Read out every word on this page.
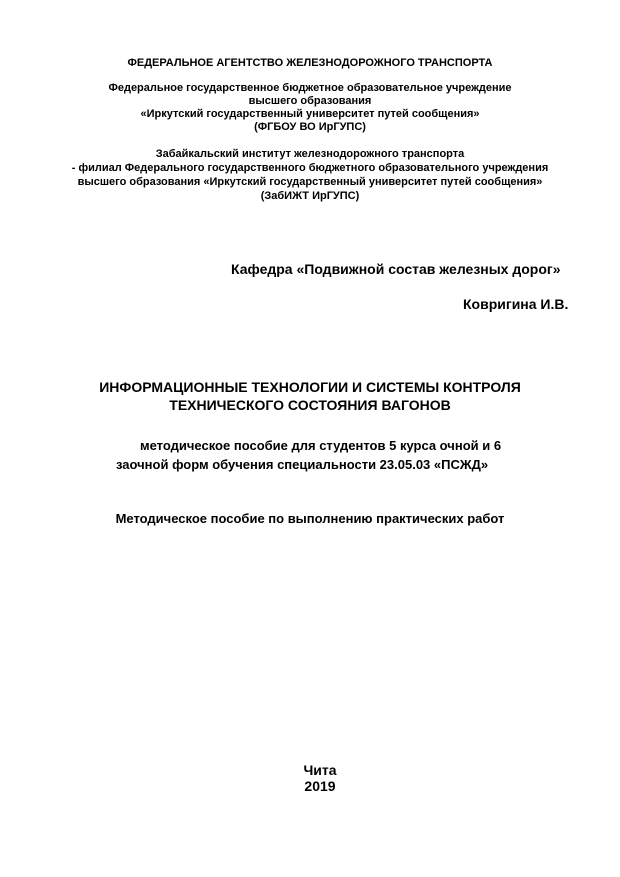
ФЕДЕРАЛЬНОЕ АГЕНТСТВО ЖЕЛЕЗНОДОРОЖНОГО ТРАНСПОРТА
Федеральное государственное бюджетное образовательное учреждение
высшего образования
«Иркутский государственный университет путей сообщения»
(ФГБОУ ВО ИрГУПС)
Забайкальский институт железнодорожного транспорта
- филиал Федерального государственного бюджетного образовательного учреждения
высшего образования «Иркутский государственный университет путей сообщения»
(ЗабИЖТ ИрГУПС)
Кафедра «Подвижной состав железных дорог»
Ковригина И.В.
ИНФОРМАЦИОННЫЕ ТЕХНОЛОГИИ И СИСТЕМЫ КОНТРОЛЯ
ТЕХНИЧЕСКОГО СОСТОЯНИЯ ВАГОНОВ
методическое пособие для студентов 5 курса очной и 6
заочной форм обучения специальности 23.05.03 «ПСЖД»
Методическое пособие по выполнению практических работ
Чита
2019
